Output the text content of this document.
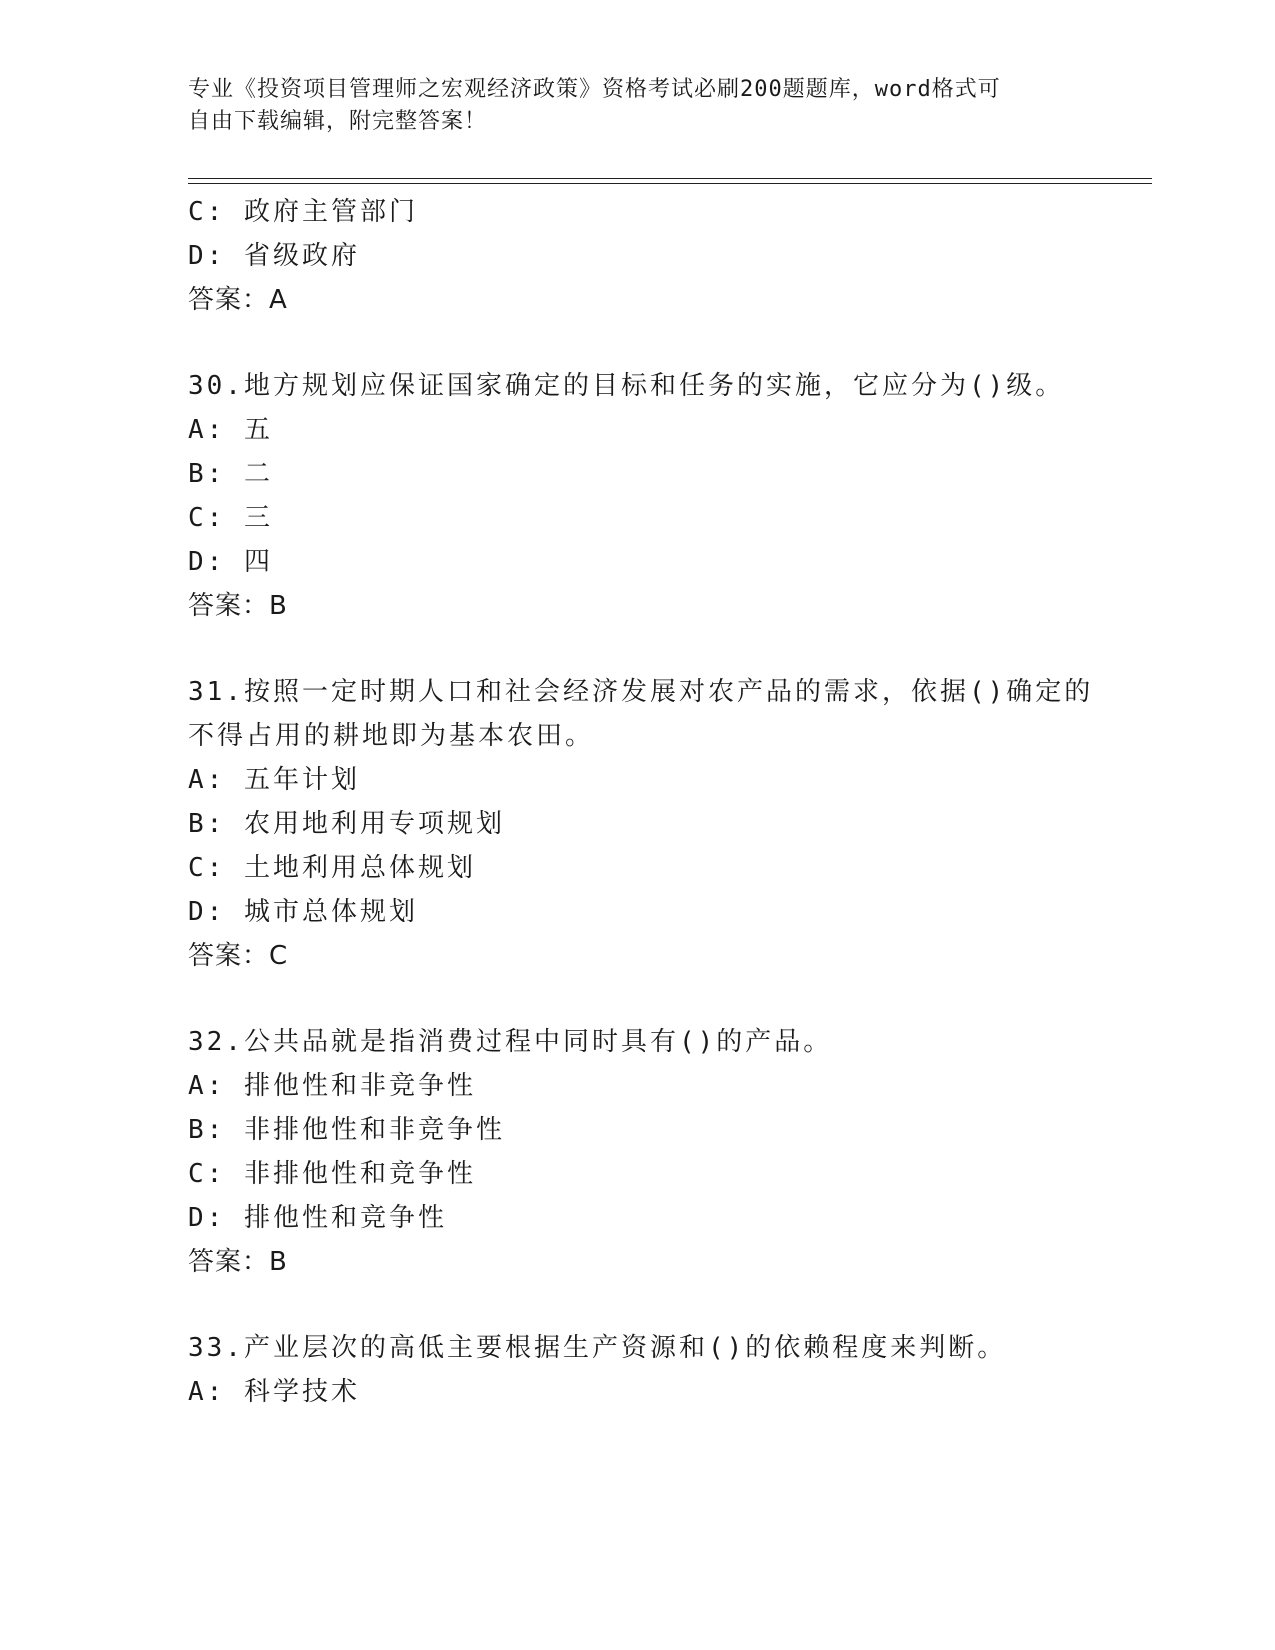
专业《投资项目管理师之宏观经济政策》资格考试必刷200题题库，word格式可
自由下载编辑，附完整答案！
C: 政府主管部门
D: 省级政府
答案：A
30.地方规划应保证国家确定的目标和任务的实施，它应分为()级。
A: 五
B: 二
C: 三
D: 四
答案：B
31.按照一定时期人口和社会经济发展对农产品的需求，依据()确定的
不得占用的耕地即为基本农田。
A: 五年计划
B: 农用地利用专项规划
C: 土地利用总体规划
D: 城市总体规划
答案：C
32.公共品就是指消费过程中同时具有()的产品。
A: 排他性和非竞争性
B: 非排他性和非竞争性
C: 非排他性和竞争性
D: 排他性和竞争性
答案：B
33.产业层次的高低主要根据生产资源和()的依赖程度来判断。
A: 科学技术
